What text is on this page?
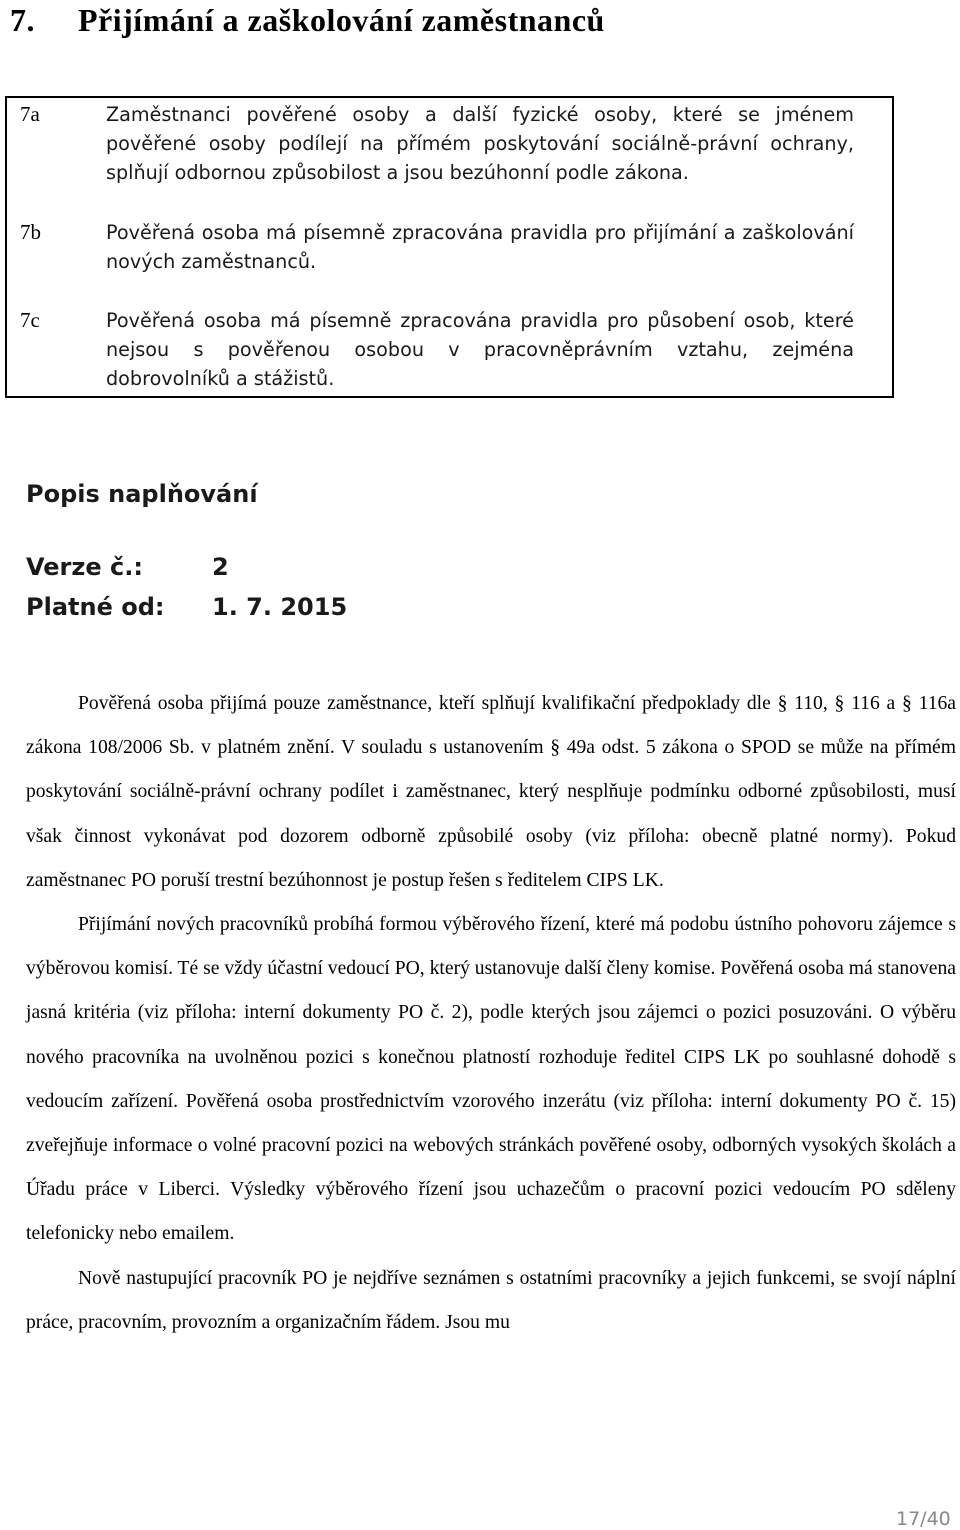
7. Přijímání a zaškolování zaměstnanců
7a	Zaměstnanci pověřené osoby a další fyzické osoby, které se jménem pověřené osoby podílejí na přímém poskytování sociálně-právní ochrany, splňují odbornou způsobilost a jsou bezúhonní podle zákona.
7b	Pověřená osoba má písemně zpracována pravidla pro přijímání a zaškolování nových zaměstnanců.
7c	Pověřená osoba má písemně zpracována pravidla pro působení osob, které nejsou s pověřenou osobou v pracovněprávním vztahu, zejména dobrovolníků a stážistů.
Popis naplňování
Verze č.:	2
Platné od: 1. 7. 2015

Pověřená osoba přijímá pouze zaměstnance, kteří splňují kvalifikační předpoklady dle § 110, § 116 a § 116a zákona 108/2006 Sb. v platném znění. V souladu s ustanovením § 49a odst. 5 zákona o SPOD se může na přímém poskytování sociálně-právní ochrany podílet i zaměstnanec, který nesplňuje podmínku odborné způsobilosti, musí však činnost vykonávat pod dozorem odborně způsobilé osoby (viz příloha: obecně platné normy). Pokud zaměstnanec PO poruší trestní bezúhonnost je postup řešen s ředitelem CIPS LK.

Přijímání nových pracovníků probíhá formou výběrového řízení, které má podobu ústního pohovoru zájemce s výběrovou komisí. Té se vždy účastní vedoucí PO, který ustanovuje další členy komise. Pověřená osoba má stanovena jasná kritéria (viz příloha: interní dokumenty PO č. 2), podle kterých jsou zájemci o pozici posuzováni. O výběru nového pracovníka na uvolněnou pozici s konečnou platností rozhoduje ředitel CIPS LK po souhlasné dohodě s vedoucím zařízení. Pověřená osoba prostřednictvím vzorového inzerátu (viz příloha: interní dokumenty PO č. 15) zveřejňuje informace o volné pracovní pozici na webových stránkách pověřené osoby, odborných vysokých školách a Úřadu práce v Liberci. Výsledky výběrového řízení jsou uchazečům o pracovní pozici vedoucím PO sděleny telefonicky nebo emailem.

Nově nastupující pracovník PO je nejdříve seznámen s ostatními pracovníky a jejich funkcemi, se svojí náplní práce, pracovním, provozním a organizačním řádem. Jsou mu

17/40
